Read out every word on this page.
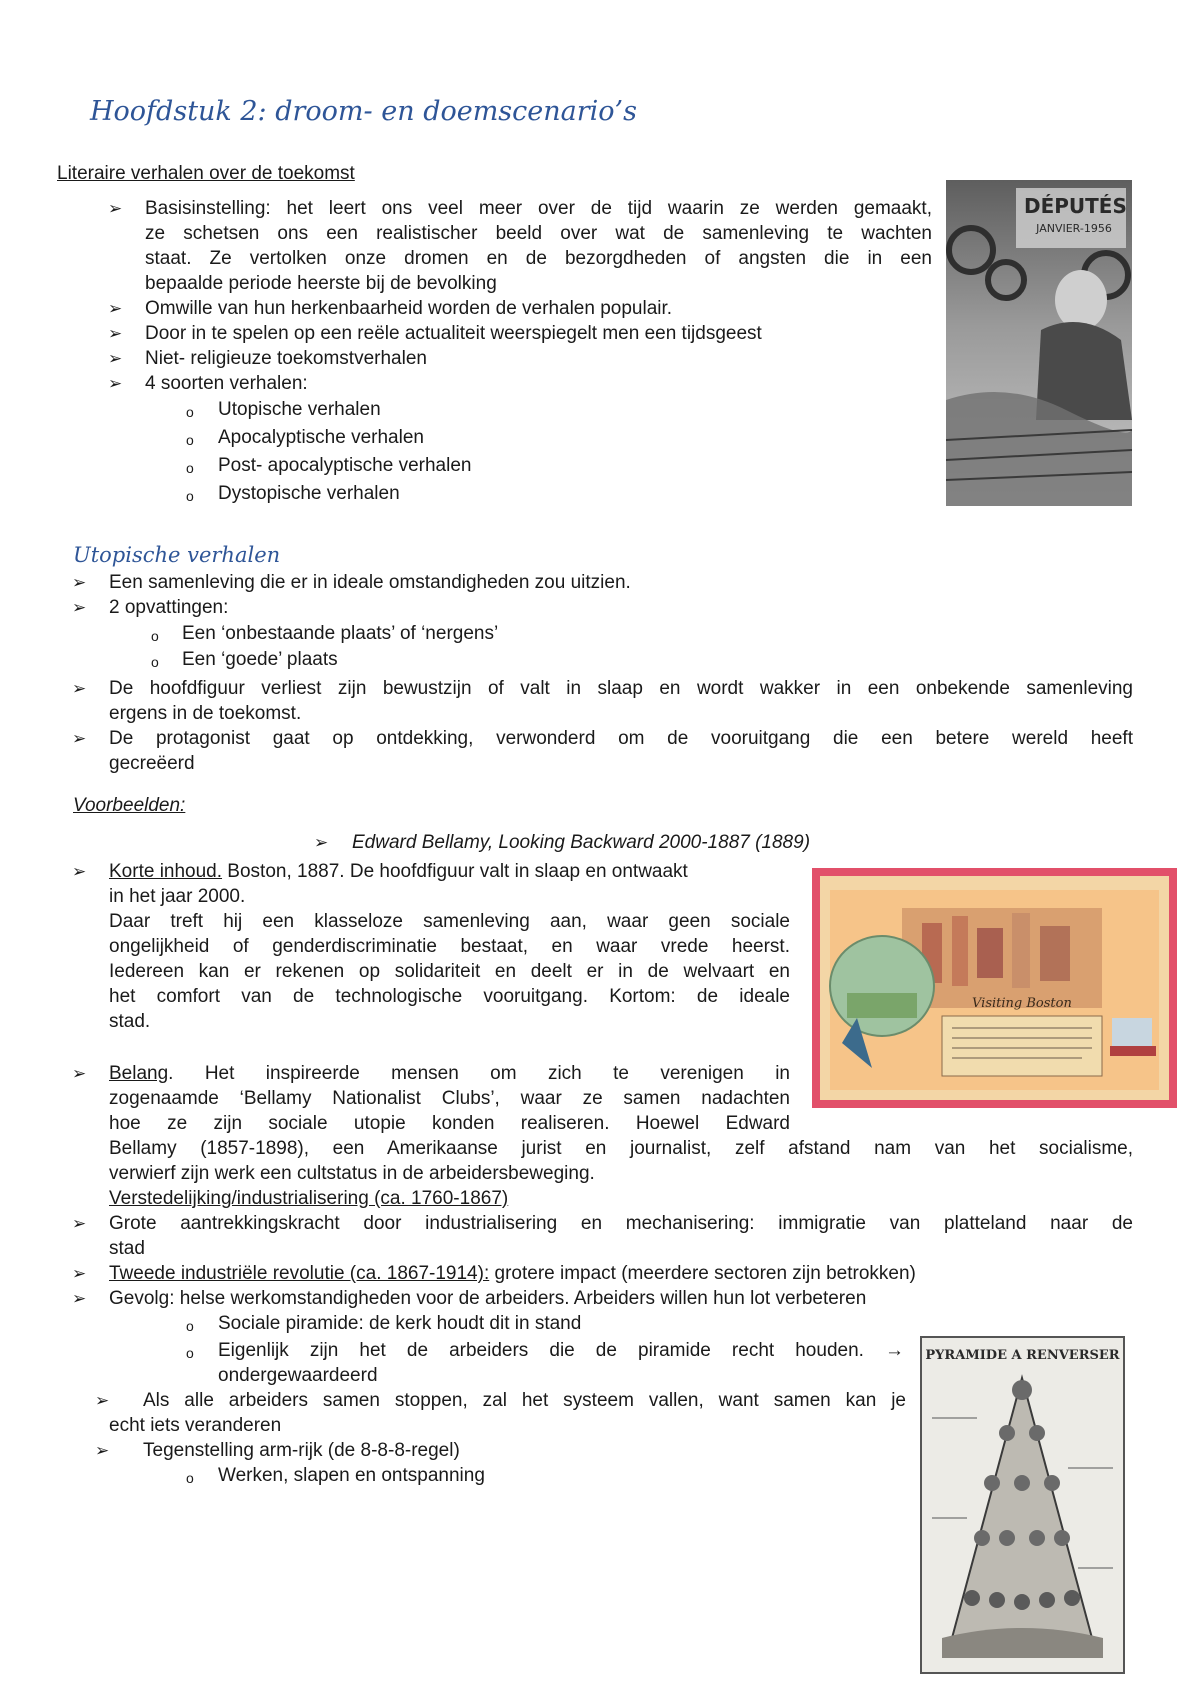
Hoofdstuk 2: droom- en doemscenario’s
Literaire verhalen over de toekomst
➢ Basisinstelling: het leert ons veel meer over de tijd waarin ze werden gemaakt,
ze schetsen ons een realistischer beeld over wat de samenleving te wachten
staat. Ze vertolken onze dromen en de bezorgdheden of angsten die in een
bepaalde periode heerste bij de bevolking
➢ Omwille van hun herkenbaarheid worden de verhalen populair.
➢ Door in te spelen op een reële actualiteit weerspiegelt men een tijdsgeest
➢ Niet- religieuze toekomstverhalen
➢ 4 soorten verhalen:
o Utopische verhalen
o Apocalyptische verhalen
o Post- apocalyptische verhalen
o Dystopische verhalen
DÉPUTÉS
JANVIER-1956
Utopische verhalen
➢ Een samenleving die er in ideale omstandigheden zou uitzien.
➢ 2 opvattingen:
o Een ‘onbestaande plaats’ of ‘nergens’
o Een ‘goede’ plaats
➢ De hoofdfiguur verliest zijn bewustzijn of valt in slaap en wordt wakker in een onbekende samenleving
ergens in de toekomst.
➢ De protagonist gaat op ontdekking, verwonderd om de vooruitgang die een betere wereld heeft
gecreëerd
Voorbeelden:
➢ Edward Bellamy, Looking Backward 2000-1887 (1889)
➢ Korte inhoud. Boston, 1887. De hoofdfiguur valt in slaap en ontwaakt
in het jaar 2000.
Daar treft hij een klasseloze samenleving aan, waar geen sociale
ongelijkheid of genderdiscriminatie bestaat, en waar vrede heerst.
Iedereen kan er rekenen op solidariteit en deelt er in de welvaart en
het comfort van de technologische vooruitgang. Kortom: de ideale
stad.
Visiting Boston
➢ Belang . Het inspireerde mensen om zich te verenigen in
zogenaamde ‘Bellamy Nationalist Clubs’, waar ze samen nadachten
hoe ze zijn sociale utopie konden realiseren. Hoewel Edward
Bellamy (1857-1898), een Amerikaanse jurist en journalist, zelf afstand nam van het socialisme,
verwierf zijn werk een cultstatus in de arbeidersbeweging.
Verstedelijking/industrialisering (ca. 1760-1867)
➢ Grote aantrekkingskracht door industrialisering en mechanisering: immigratie van platteland naar de
stad
➢ Tweede industriële revolutie (ca. 1867-1914): grotere impact (meerdere sectoren zijn betrokken)
➢ Gevolg: helse werkomstandigheden voor de arbeiders. Arbeiders willen hun lot verbeteren
o Sociale piramide: de kerk houdt dit in stand
o Eigenlijk zijn het de arbeiders die de piramide recht houden. →
ondergewaardeerd
➢ Als alle arbeiders samen stoppen, zal het systeem vallen, want samen kan je
echt iets veranderen
➢ Tegenstelling arm-rijk (de 8-8-8-regel)
o Werken, slapen en ontspanning
PYRAMIDE A RENVERSER
